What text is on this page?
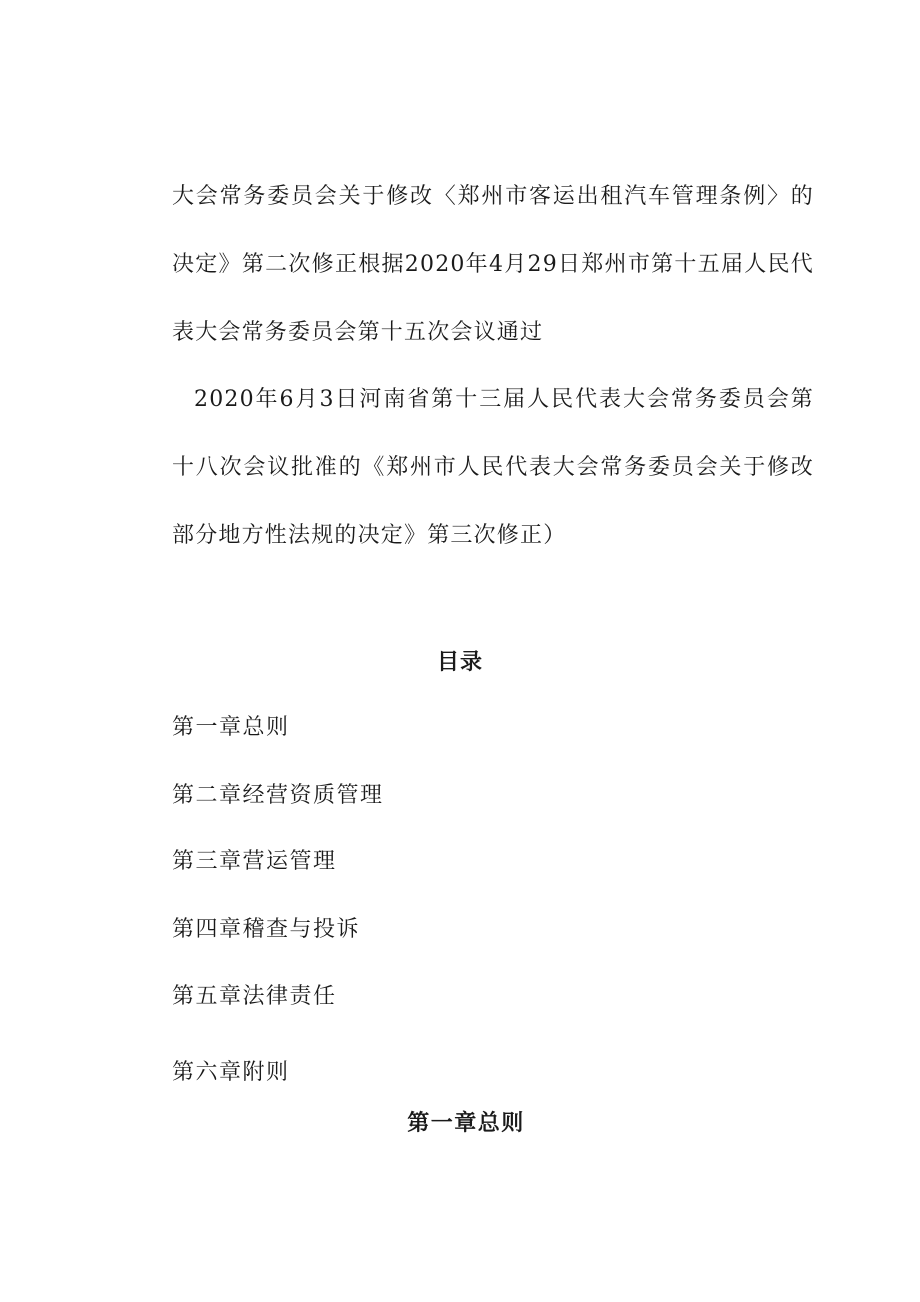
大会常务委员会关于修改〈郑州市客运出租汽车管理条例〉的决定》第二次修正根据2020年4月29日郑州市第十五届人民代表大会常务委员会第十五次会议通过

2020年6月3日河南省第十三届人民代表大会常务委员会第十八次会议批准的《郑州市人民代表大会常务委员会关于修改部分地方性法规的决定》第三次修正）

目录
第一章总则
第二章经营资质管理
第三章营运管理
第四章稽查与投诉
第五章法律责任
第六章附则
第一章总则
